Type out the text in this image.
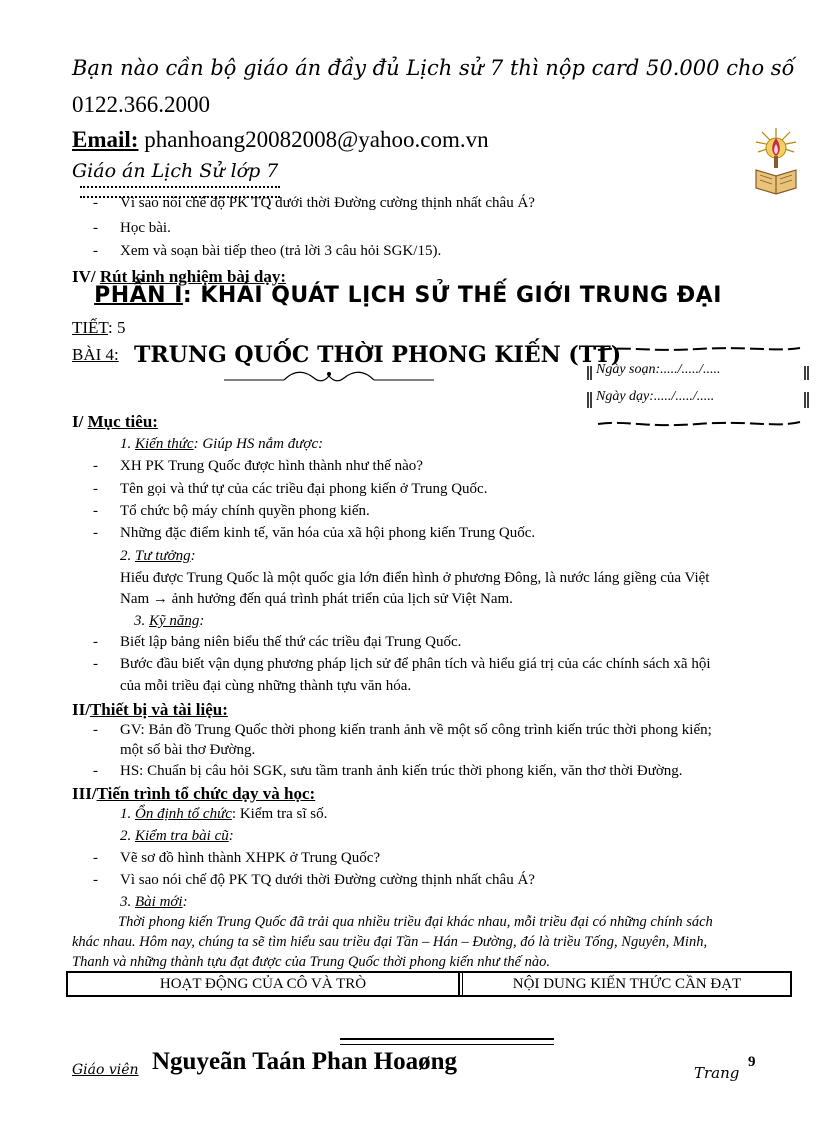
Bạn nào cần bộ giáo án đầy đủ Lịch sử 7 thì nộp card 50.000 cho số
0122.366.2000
Email: phanhoang20082008@yahoo.com.vn
Giáo án Lịch Sử lớp 7
- Vì sao nói chế độ PK TQ dưới thời Đường cường thịnh nhất châu Á?
- Học bài.
- Xem và soạn bài tiếp theo (trả lời 3 câu hỏi SGK/15).
IV/ Rút kinh nghiệm bài dạy:
PHẦN I: KHÁI QUÁT LỊCH SỬ THẾ GIỚI TRUNG ĐẠI
TIẾT: 5
BÀI 4: TRUNG QUỐC THỜI PHONG KIẾN (TT)
Ngày soạn:...../...../.....
Ngày dạy:...../...../.....
I/ Mục tiêu:
1. Kiến thức: Giúp HS nắm được:
- XH PK Trung Quốc được hình thành như thế nào?
- Tên gọi và thứ tự của các triều đại phong kiến ở Trung Quốc.
- Tổ chức bộ máy chính quyền phong kiến.
- Những đặc điểm kinh tế, văn hóa của xã hội phong kiến Trung Quốc.
2. Tư tưởng:
Hiểu được Trung Quốc là một quốc gia lớn điển hình ở phương Đông, là nước láng giềng của Việt
Nam → ảnh hưởng đến quá trình phát triển của lịch sử Việt Nam.
3. Kỹ năng:
- Biết lập bảng niên biểu thế thứ các triều đại Trung Quốc.
- Bước đầu biết vận dụng phương pháp lịch sử để phân tích và hiểu giá trị của các chính sách xã hội
của mỗi triều đại cùng những thành tựu văn hóa.
II/Thiết bị và tài liệu:
- GV: Bản đồ Trung Quốc thời phong kiến tranh ảnh về một số công trình kiến trúc thời phong kiến;
một số bài thơ Đường.
- HS: Chuẩn bị câu hỏi SGK, sưu tầm tranh ảnh kiến trúc thời phong kiến, văn thơ thời Đường.
III/Tiến trình tổ chức dạy và học:
1. Ổn định tổ chức: Kiểm tra sĩ số.
2. Kiểm tra bài cũ:
- Vẽ sơ đồ hình thành XHPK ở Trung Quốc?
- Vì sao nói chế độ PK TQ dưới thời Đường cường thịnh nhất châu Á?
3. Bài mới:
Thời phong kiến Trung Quốc đã trải qua nhiều triều đại khác nhau, mỗi triều đại có những chính sách
khác nhau. Hôm nay, chúng ta sẽ tìm hiểu sau triều đại Tần – Hán – Đường, đó là triều Tống, Nguyên, Minh,
Thanh và những thành tựu đạt được của Trung Quốc thời phong kiến như thế nào.
HOẠT ĐỘNG CỦA CÔ VÀ TRÒ	NỘI DUNG KIẾN THỨC CẦN ĐẠT
Giáo viên Nguyeãn Taán Phan Hoaøng	Trang
9
